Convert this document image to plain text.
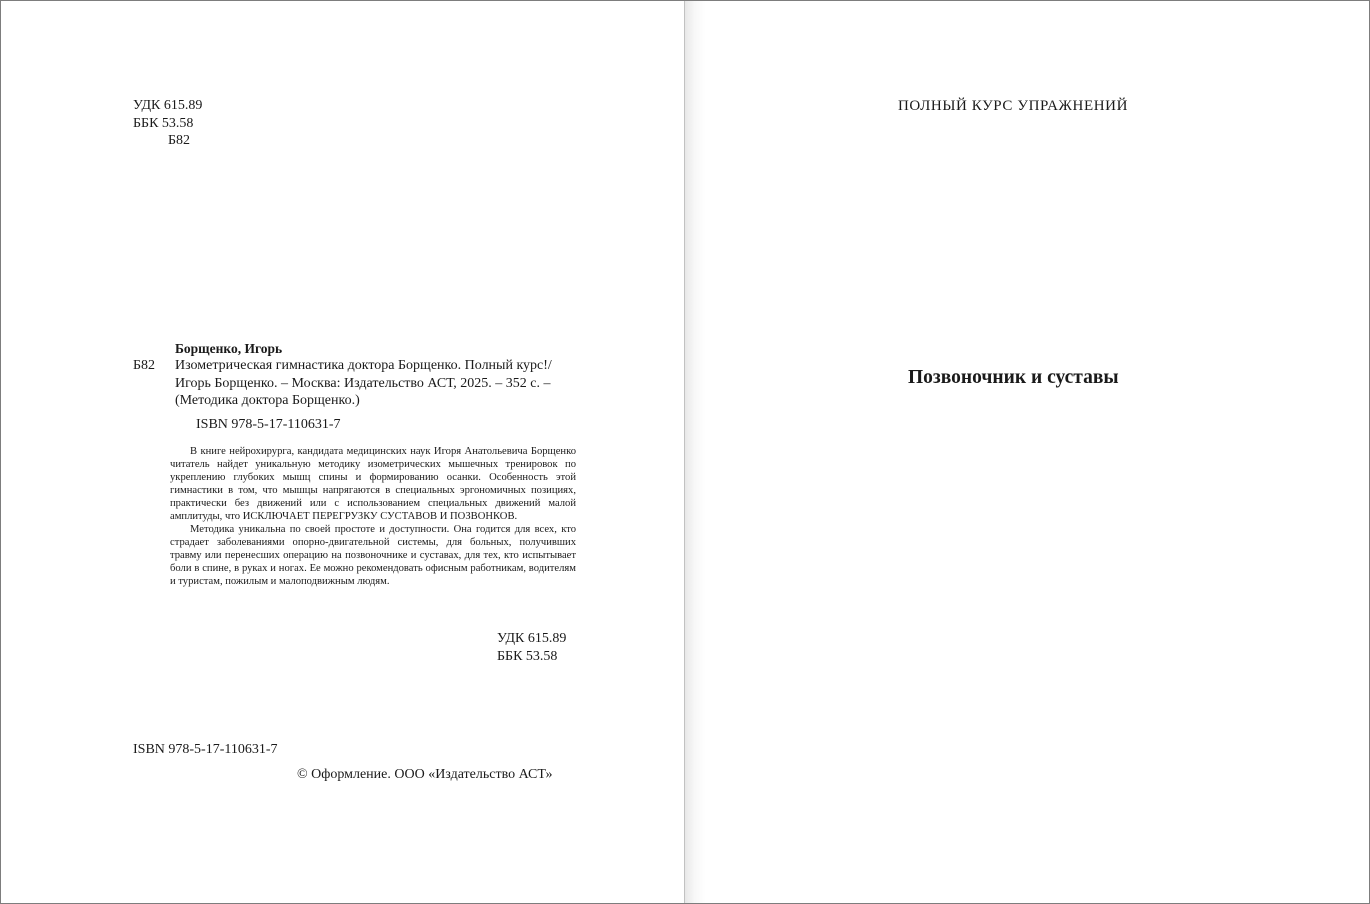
УДК 615.89
ББК 53.58
Б82
Борщенко, Игорь
Б82 Изометрическая гимнастика доктора Борщенко. Полный курс!/ Игорь Борщенко. – Москва: Издательство АСТ, 2025. – 352 с. – (Методика доктора Борщенко.)
ISBN 978-5-17-110631-7

В книге нейрохирурга, кандидата медицинских наук Игоря Анатольевича Борщенко читатель найдет уникальную методику изометрических мышечных тренировок по укреплению глубоких мышц спины и формированию осанки. Особенность этой гимнастики в том, что мышцы напрягаются в специальных эргономичных позициях, практически без движений или с использованием специальных движений малой амплитуды, что ИСКЛЮЧАЕТ ПЕРЕГРУЗКУ СУСТАВОВ И ПОЗВОНКОВ.

Методика уникальна по своей простоте и доступности. Она годится для всех, кто страдает заболеваниями опорно-двигательной системы, для больных, получивших травму или перенесших операцию на позвоночнике и суставах, для тех, кто испытывает боли в спине, в руках и ногах. Ее можно рекомендовать офисным работникам, водителям и туристам, пожилым и малоподвижным людям.

УДК 615.89
ББК 53.58
ISBN 978-5-17-110631-7
© Оформление. ООО «Издательство АСТ»
ПОЛНЫЙ КУРС УПРАЖНЕНИЙ
Позвоночник и суставы
